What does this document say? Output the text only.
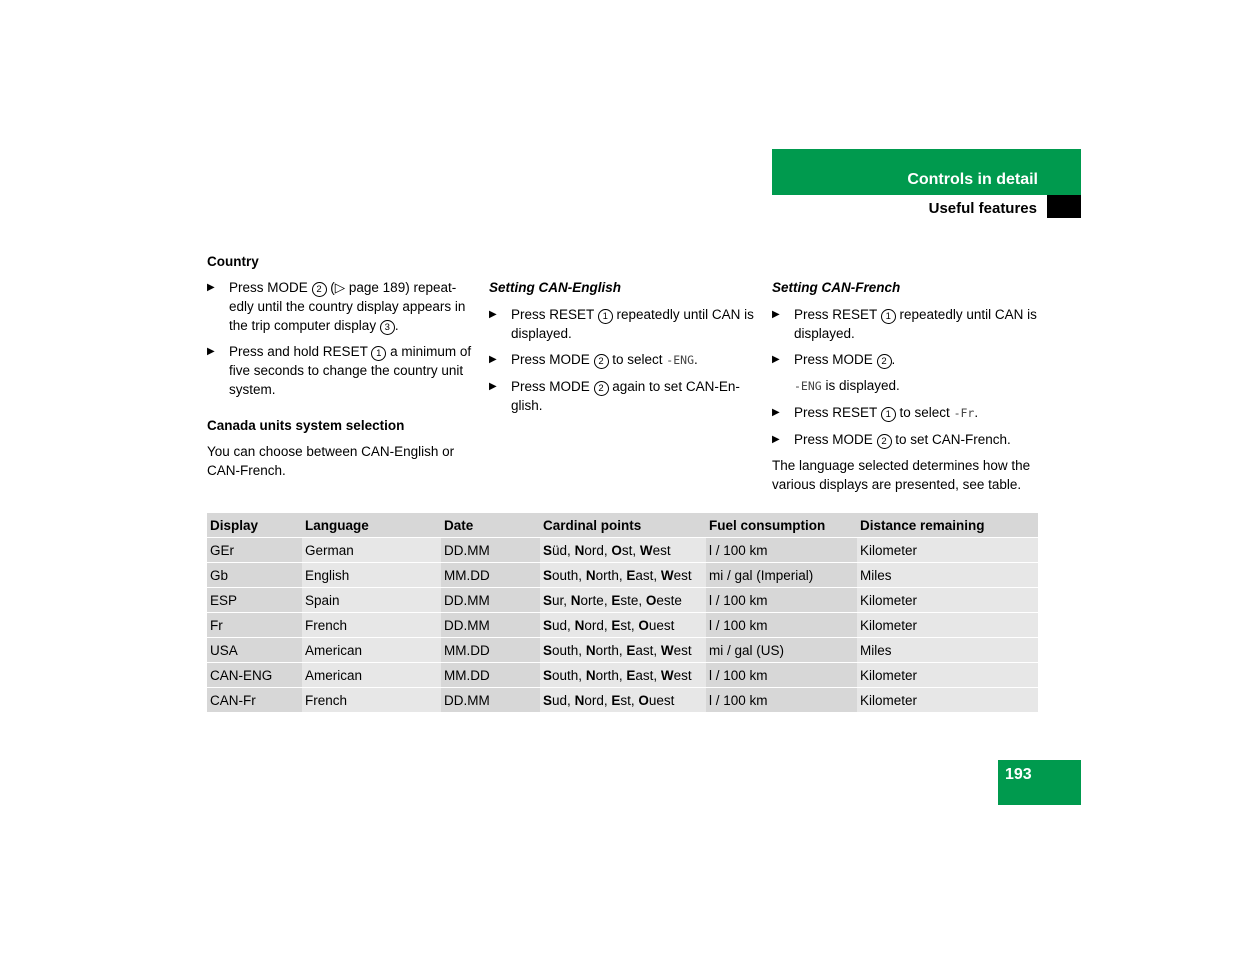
Controls in detail
Useful features
Country
▶ Press MODE 2 (▷ page 189) repeat-edly until the country display appears in the trip computer display 3 .
▶ Press and hold RESET 1 a minimum of five seconds to change the country unit system.
Canada units system selection
You can choose between CAN-English or CAN-French.
Setting CAN-English
▶ Press RESET 1 repeatedly until CAN is displayed.
▶ Press MODE 2 to select -ENG.
▶ Press MODE 2 again to set CAN-En-glish.
Setting CAN-French
▶ Press RESET 1 repeatedly until CAN is displayed.
▶ Press MODE 2 .
-ENG is displayed.
▶ Press RESET 1 to select -Fr.
▶ Press MODE 2 to set CAN-French.
The language selected determines how the various displays are presented, see table.
Display	Language	Date	Cardinal points	Fuel consumption	Distance remaining
GEr	German	DD.MM	Süd, Nord, Ost, West	l / 100 km	Kilometer
Gb	English	MM.DD	South, North, East, West	mi / gal (Imperial)	Miles
ESP	Spain	DD.MM	Sur, Norte, Este, Oeste	l / 100 km	Kilometer
Fr	French	DD.MM	Sud, Nord, Est, Ouest	l / 100 km	Kilometer
USA	American	MM.DD	South, North, East, West	mi / gal (US)	Miles
CAN-ENG	American	MM.DD	South, North, East, West	l / 100 km	Kilometer
CAN-Fr	French	DD.MM	Sud, Nord, Est, Ouest	l / 100 km	Kilometer
193
